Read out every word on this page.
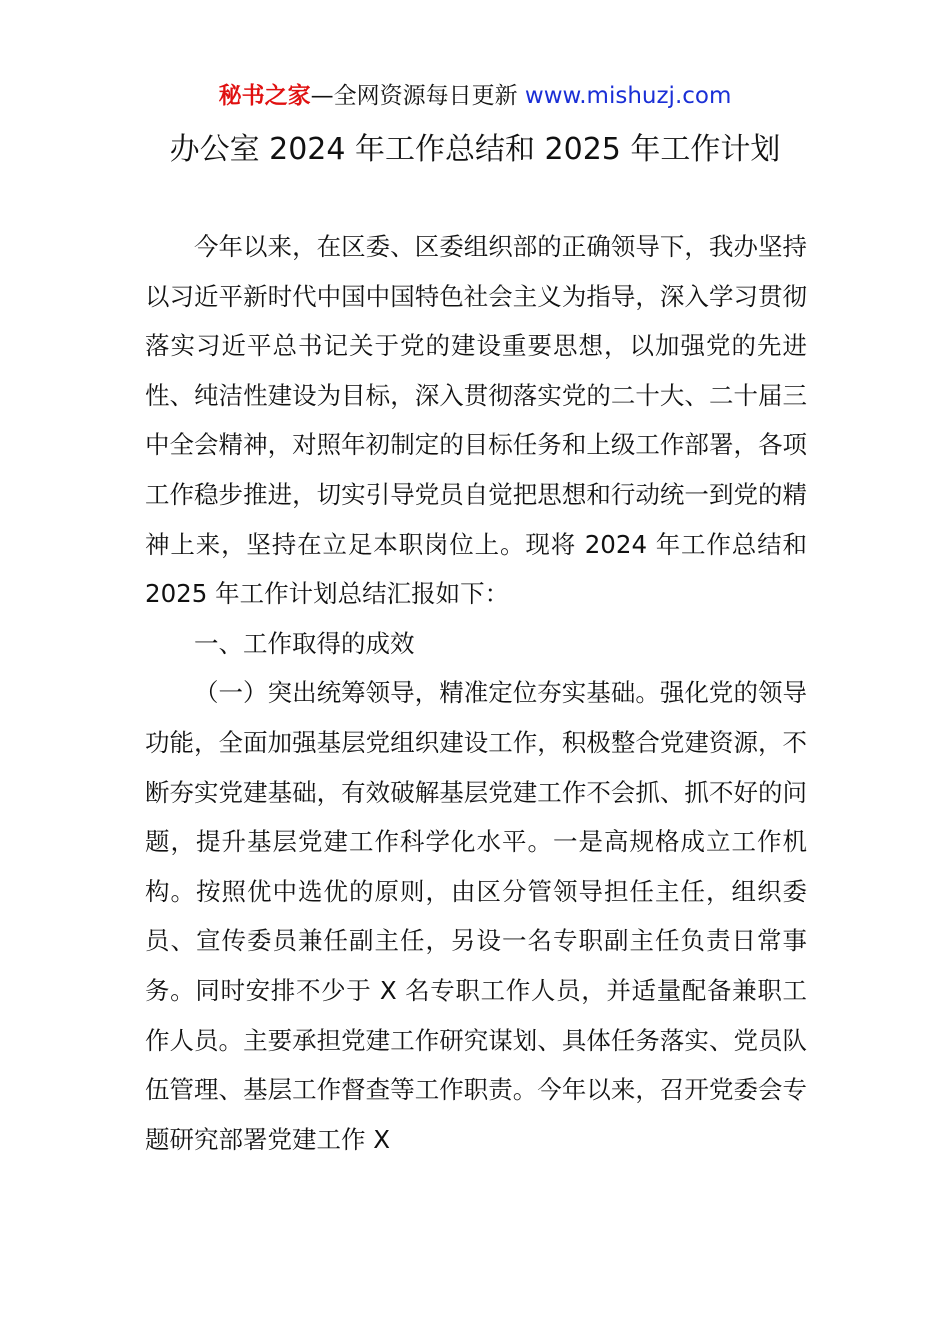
秘书之家—全网资源每日更新 www.mishuzj.com
办公室 2024 年工作总结和 2025 年工作计划

今年以来，在区委、区委组织部的正确领导下，我办坚持以习近平新时代中国中国特色社会主义为指导，深入学习贯彻落实习近平总书记关于党的建设重要思想，以加强党的先进性、纯洁性建设为目标，深入贯彻落实党的二十大、二十届三中全会精神，对照年初制定的目标任务和上级工作部署，各项工作稳步推进，切实引导党员自觉把思想和行动统一到党的精神上来，坚持在立足本职岗位上。现将 2024 年工作总结和 2025 年工作计划总结汇报如下：

一、工作取得的成效

（一）突出统筹领导，精准定位夯实基础。强化党的领导功能，全面加强基层党组织建设工作，积极整合党建资源，不断夯实党建基础，有效破解基层党建工作不会抓、抓不好的问题，提升基层党建工作科学化水平。一是高规格成立工作机构。按照优中选优的原则，由区分管领导担任主任，组织委员、宣传委员兼任副主任，另设一名专职副主任负责日常事务。同时安排不少于 X 名专职工作人员，并适量配备兼职工作人员。主要承担党建工作研究谋划、具体任务落实、党员队伍管理、基层工作督查等工作职责。今年以来，召开党委会专题研究部署党建工作 X
